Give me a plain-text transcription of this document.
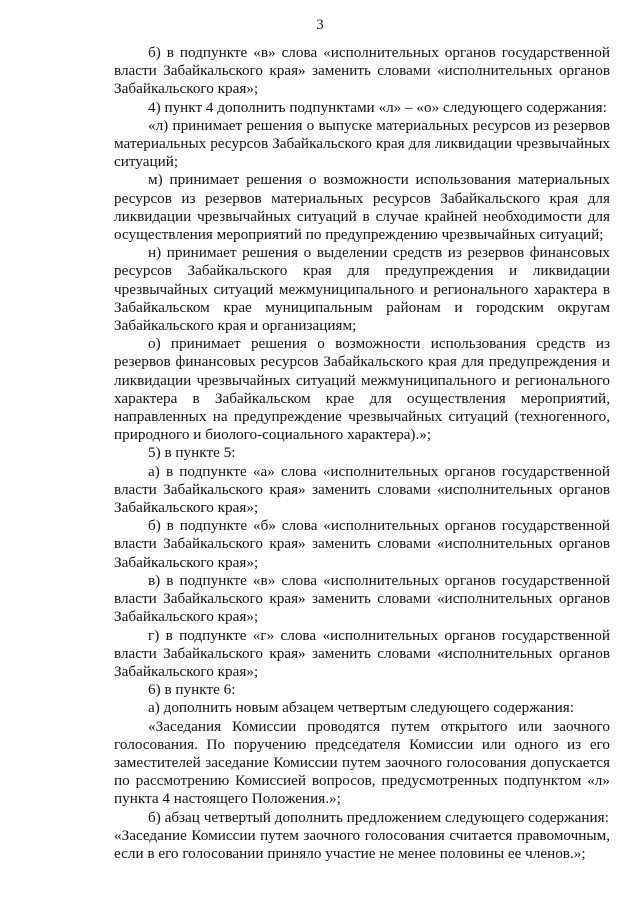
3

б) в подпункте «в» слова «исполнительных органов государственной власти Забайкальского края» заменить словами «исполнительных органов Забайкальского края»;

4) пункт 4 дополнить подпунктами «л» – «о» следующего содержания:

«л) принимает решения о выпуске материальных ресурсов из резервов материальных ресурсов Забайкальского края для ликвидации чрезвычайных ситуаций;

м) принимает решения о возможности использования материальных ресурсов из резервов материальных ресурсов Забайкальского края для ликвидации чрезвычайных ситуаций в случае крайней необходимости для осуществления мероприятий по предупреждению чрезвычайных ситуаций;

н) принимает решения о выделении средств из резервов финансовых ресурсов Забайкальского края для предупреждения и ликвидации чрезвычайных ситуаций межмуниципального и регионального характера в Забайкальском крае муниципальным районам и городским округам Забайкальского края и организациям;

о) принимает решения о возможности использования средств из резервов финансовых ресурсов Забайкальского края для предупреждения и ликвидации чрезвычайных ситуаций межмуниципального и регионального характера в Забайкальском крае для осуществления мероприятий, направленных на предупреждение чрезвычайных ситуаций (техногенного, природного и биолого-социального характера).»;

5) в пункте 5:

а) в подпункте «а» слова «исполнительных органов государственной власти Забайкальского края» заменить словами «исполнительных органов Забайкальского края»;

б) в подпункте «б» слова «исполнительных органов государственной власти Забайкальского края» заменить словами «исполнительных органов Забайкальского края»;

в) в подпункте «в» слова «исполнительных органов государственной власти Забайкальского края» заменить словами «исполнительных органов Забайкальского края»;

г) в подпункте «г» слова «исполнительных органов государственной власти Забайкальского края» заменить словами «исполнительных органов Забайкальского края»;

6) в пункте 6:

а) дополнить новым абзацем четвертым следующего содержания:

«Заседания Комиссии проводятся путем открытого или заочного голосования. По поручению председателя Комиссии или одного из его заместителей заседание Комиссии путем заочного голосования допускается по рассмотрению Комиссией вопросов, предусмотренных подпунктом «л» пункта 4 настоящего Положения.»;

б) абзац четвертый дополнить предложением следующего содержания:

«Заседание Комиссии путем заочного голосования считается правомочным, если в его голосовании приняло участие не менее половины ее членов.»;
